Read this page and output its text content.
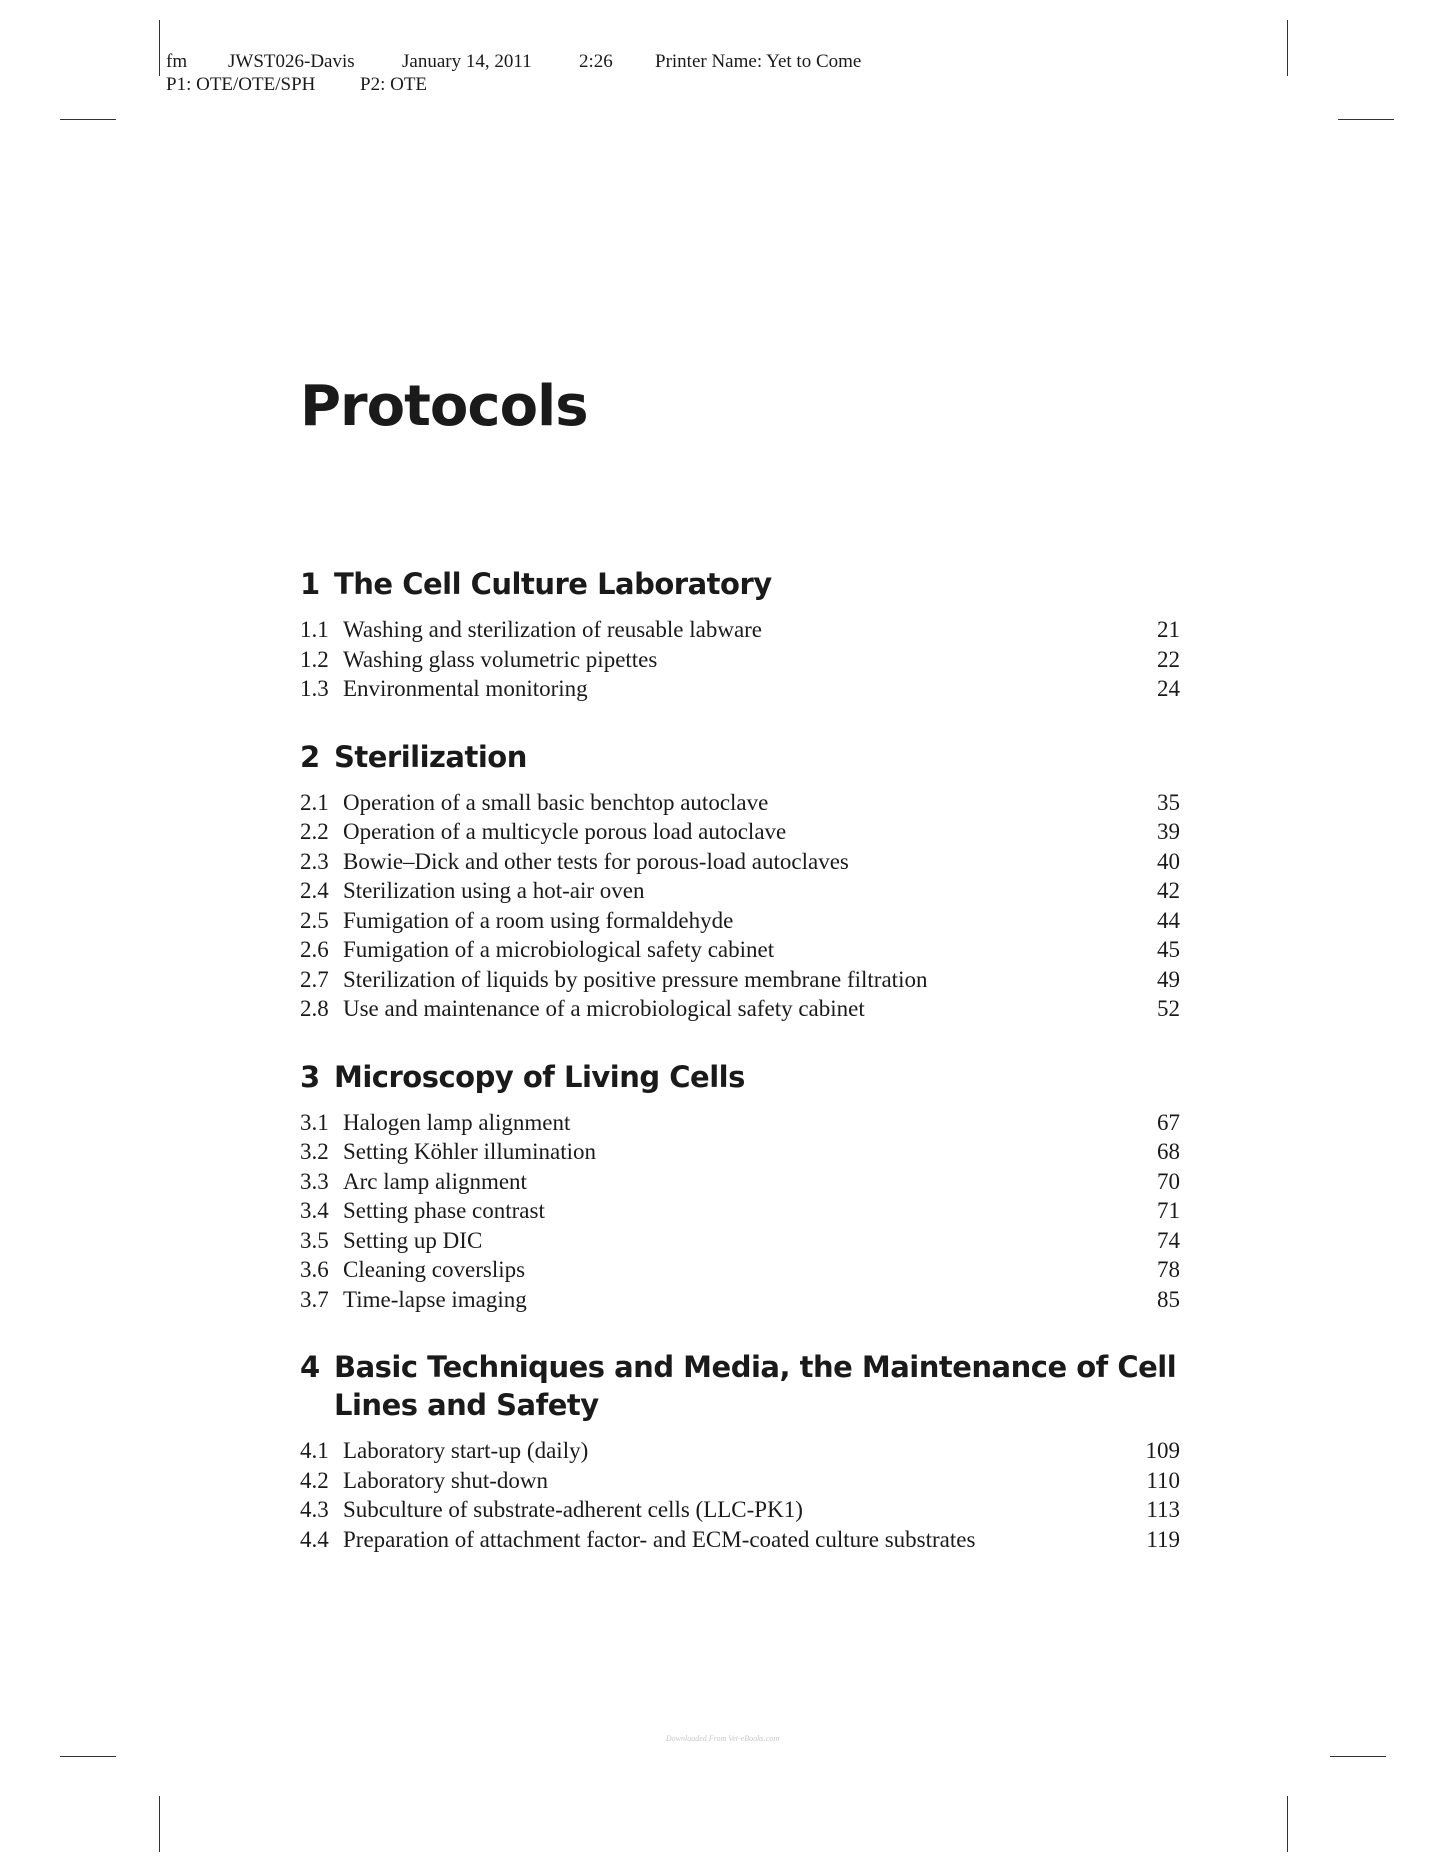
fm	JWST026-Davis	January 14, 2011	2:26	Printer Name: Yet to Come
P1: OTE/OTE/SPH	P2: OTE
Protocols
1 The Cell Culture Laboratory
1.1 Washing and sterilization of reusable labware	21
1.2 Washing glass volumetric pipettes	22
1.3 Environmental monitoring	24
2 Sterilization
2.1 Operation of a small basic benchtop autoclave	35
2.2 Operation of a multicycle porous load autoclave	39
2.3 Bowie–Dick and other tests for porous-load autoclaves	40
2.4 Sterilization using a hot-air oven	42
2.5 Fumigation of a room using formaldehyde	44
2.6 Fumigation of a microbiological safety cabinet	45
2.7 Sterilization of liquids by positive pressure membrane filtration	49
2.8 Use and maintenance of a microbiological safety cabinet	52
3 Microscopy of Living Cells
3.1 Halogen lamp alignment	67
3.2 Setting Köhler illumination	68
3.3 Arc lamp alignment	70
3.4 Setting phase contrast	71
3.5 Setting up DIC	74
3.6 Cleaning coverslips	78
3.7 Time-lapse imaging	85
4 Basic Techniques and Media, the Maintenance of Cell Lines and Safety
4.1 Laboratory start-up (daily)	109
4.2 Laboratory shut-down	110
4.3 Subculture of substrate-adherent cells (LLC-PK1)	113
4.4 Preparation of attachment factor- and ECM-coated culture substrates	119
Downloaded From Vet-eBooks.com
